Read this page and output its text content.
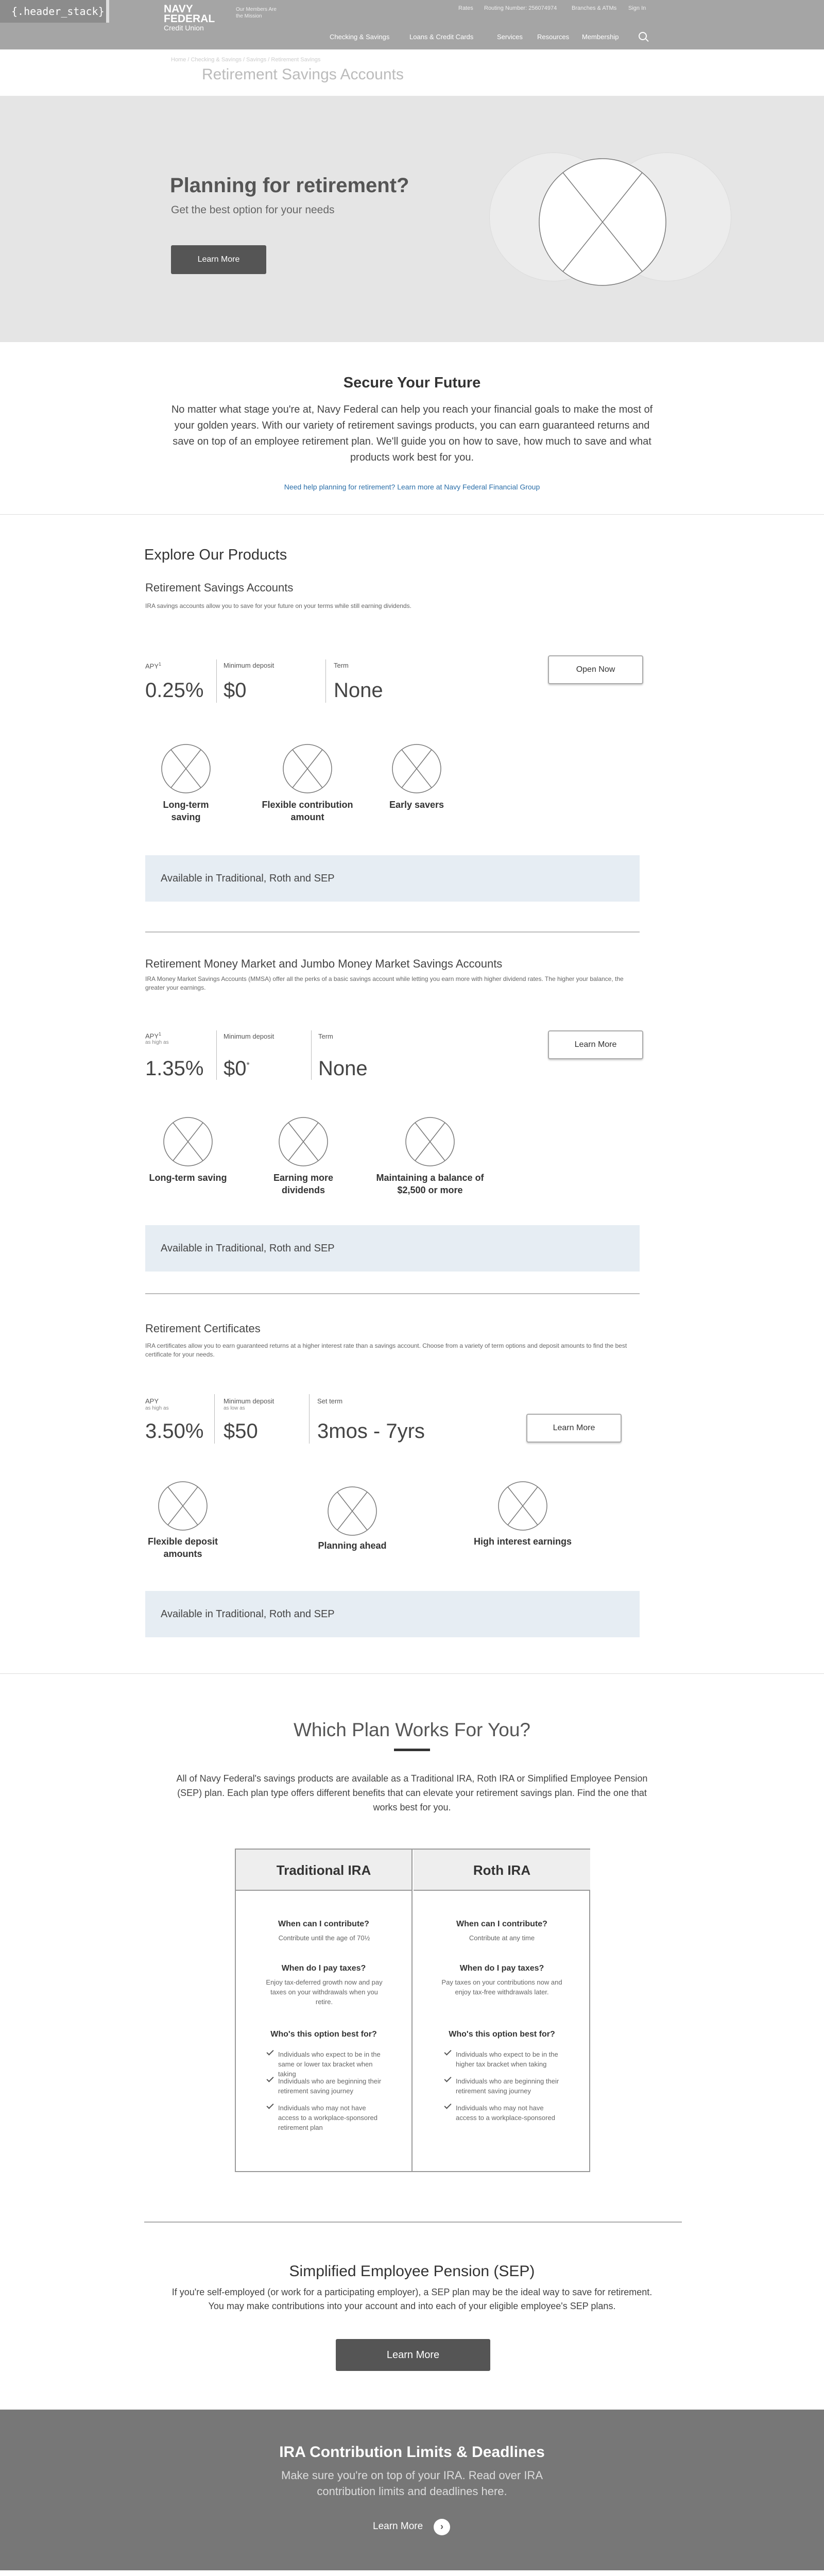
{.header_stack}	NAVY
FEDERAL
Credit Union
Our Members Are the Mission
Rates Routing Number: 256074974	Branches & ATMs Sign In
Checking & Savings	Loans & Credit Cards	Services Resources Membership
Home / Checking & Savings / Savings / Retirement Savings
Retirement Savings Accounts
Planning for retirement?

Get the best option for your needs

Learn More
Secure Your Future

No matter what stage you're at, Navy Federal can help you reach your financial goals to make the most of your golden years. With our variety of retirement savings products, you can earn guaranteed returns and save on top of an employee retirement plan. We'll guide you on how to save, how much to save and what products work best for you.

Need help planning for retirement? Learn more at Navy Federal Financial Group
Explore Our Products
Retirement Savings Accounts
IRA savings accounts allow you to save for your future on your terms while still earning dividends.
APY$^1$
0.25%
Minimum deposit
$0
Term
None
Open Now
Long-term saving
Flexible contribution amount
Early savers
Available in Traditional, Roth and SEP
Retirement Money Market and Jumbo Money Market Savings Accounts
IRA Money Market Savings Accounts (MMSA) offer all the perks of a basic savings account while letting you earn more with higher dividend rates. The higher your balance, the greater your earnings.
APY$^1$
as high as
1.35%
Minimum deposit
$0*
Term
None
Learn More
Long-term saving	Earning more dividends
Maintaining a balance of $2,500 or more
Available in Traditional, Roth and SEP
Retirement Certificates
IRA certificates allow you to earn guaranteed returns at a higher interest rate than a savings account. Choose from a variety of term options and deposit amounts to find the best certificate for your needs.
APY
as high as
3.50%
Minimum deposit
as low as
$50
Set term
3mos - 7yrs	Learn More
Flexible deposit amounts
Planning ahead	High interest earnings
Available in Traditional, Roth and SEP
Which Plan Works For You?
All of Navy Federal's savings products are available as a Traditional IRA, Roth IRA or Simplified Employee Pension (SEP) plan. Each plan type offers different benefits that can elevate your retirement savings plan. Find the one that works best for you.
Traditional IRA
When can I contribute?
Contribute until the age of 70½
When do I pay taxes?
Enjoy tax-deferred growth now and pay taxes on your withdrawals when you retire.
Who's this option best for?
Individuals who expect to be in the same or lower tax bracket when taking
Individuals who are beginning their retirement saving journey
Individuals who may not have access to a workplace-sponsored retirement plan
Roth IRA
When can I contribute?
Contribute at any time
When do I pay taxes?
Pay taxes on your contributions now and enjoy tax-free withdrawals later.
Who's this option best for?
Individuals who expect to be in the higher tax bracket when taking
Individuals who are beginning their retirement saving journey
Individuals who may not have access to a workplace-sponsored
Simplified Employee Pension (SEP)
If you're self-employed (or work for a participating employer), a SEP plan may be the ideal way to save for retirement. You may make contributions into your account and into each of your eligible employee's SEP plans.
Learn More
IRA Contribution Limits & Deadlines

Make sure you're on top of your IRA. Read over IRA
contribution limits and deadlines here.

Learn More	›
